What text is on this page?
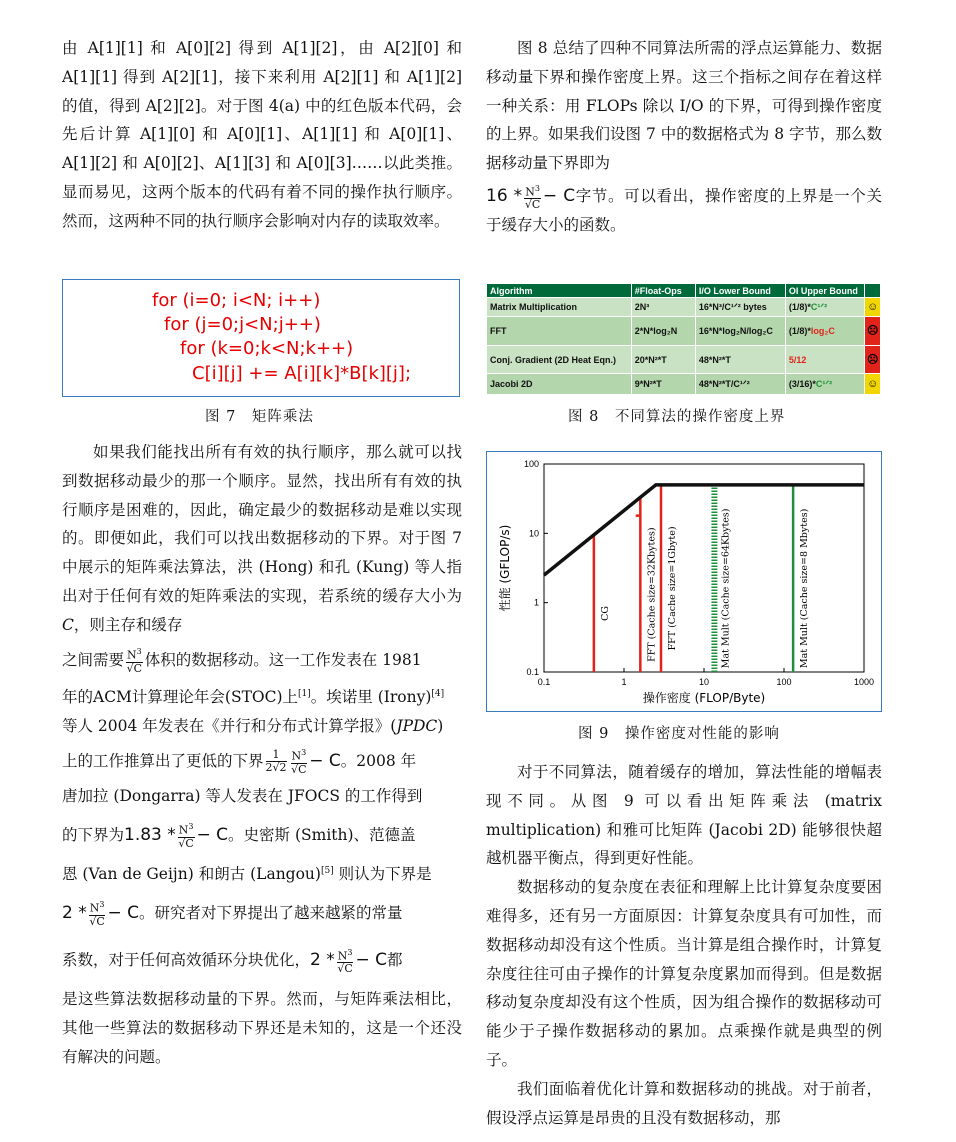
由 A[1][1] 和 A[0][2] 得到 A[1][2]，由 A[2][0] 和 A[1][1] 得到 A[2][1]，接下来利用 A[2][1] 和 A[1][2] 的值，得到 A[2][2]。对于图 4(a) 中的红色版本代码，会先后计算 A[1][0] 和 A[0][1]、A[1][1] 和 A[0][1]、A[1][2] 和 A[0][2]、A[1][3] 和 A[0][3]……以此类推。显而易见，这两个版本的代码有着不同的操作执行顺序。然而，这两种不同的执行顺序会影响对内存的读取效率。

for (i=0; i<N; i++)
for (j=0;j<N;j++)
for (k=0;k<N;k++)
C[i][j] += A[i][k]*B[k][j];
图 7　矩阵乘法

如果我们能找出所有有效的执行顺序，那么就可以找到数据移动最少的那一个顺序。显然，找出所有有效的执行顺序是困难的，因此，确定最少的数据移动是难以实现的。即便如此，我们可以找出数据移动的下界。对于图 7 中展示的矩阵乘法算法，洪 (Hong) 和孔 (Kung) 等人指出对于任何有效的矩阵乘法的实现，若系统的缓存大小为 C，则主存和缓存

之间需要 $\frac{N^3}{√C}$ 体积的数据移动。这一工作发表在 1981

年的ACM计算理论年会(STOC)上[1]。埃诺里 (Irony)[4]

等人 2004 年发表在《并行和分布式计算学报》(JPDC)

上的工作推算出了更低的下界 $\frac{1}{2√2} \frac{N^3}{√C} - C$。2008 年

唐加拉 (Dongarra) 等人发表在 JFOCS 的工作得到

的下界为$1.83 * \frac{N^3}{√C} - C$。史密斯 (Smith)、范德盖

恩 (Van de Geijn) 和朗古 (Langou)[5] 则认为下界是

$2 * \frac{N^3}{√C} - C$。研究者对下界提出了越来越紧的常量

系数，对于任何高效循环分块优化，$2 * \frac{N^3}{√C} - C$都

是这些算法数据移动量的下界。然而，与矩阵乘法相比，其他一些算法的数据移动下界还是未知的，这是一个还没有解决的问题。

图 8 总结了四种不同算法所需的浮点运算能力、数据移动量下界和操作密度上界。这三个指标之间存在着这样一种关系：用 FLOPs 除以 I/O 的下界，可得到操作密度的上界。如果我们设图 7 中的数据格式为 8 字节，那么数据移动量下界即为

$16 * \frac{N^3}{√C} - C$字节。可以看出，操作密度的上界是一个关于缓存大小的函数。

Algorithm	#Float-Ops	I/O Lower Bound	OI Upper Bound	
Matrix Multiplication	2N³	16*N³/C¹ᐟ² bytes	(1/8)*C¹ᐟ²	☺
FFT	2*N*log₂N	16*N*log₂N/log₂C	(1/8)*log₂C	☹
Conj. Gradient (2D Heat Eqn.)	20*N²*T	48*N²*T	5/12	☹
Jacobi 2D	9*N²*T	48*N²*T/C¹ᐟ²	(3/16)*C¹ᐟ²	☺
图 8　不同算法的操作密度上界
0.1	1	10	100	1000
0.1
1
10
100
操作密度 (FLOP/Byte)
性能 (GFLOP/s)
CG	FFT (Cache size=32Kbytes) FFT (Cache size=1Gbyte)	Mat Mult (Cache size=64Kbytes)	Mat Mult (Cache size=8 Mbytes)
图 9　操作密度对性能的影响

对于不同算法，随着缓存的增加，算法性能的增幅表现不同。从图 9 可以看出矩阵乘法 (matrix multiplication) 和雅可比矩阵 (Jacobi 2D) 能够很快超越机器平衡点，得到更好性能。

数据移动的复杂度在表征和理解上比计算复杂度要困难得多，还有另一方面原因：计算复杂度具有可加性，而数据移动却没有这个性质。当计算是组合操作时，计算复杂度往往可由子操作的计算复杂度累加而得到。但是数据移动复杂度却没有这个性质，因为组合操作的数据移动可能少于子操作数据移动的累加。点乘操作就是典型的例子。

我们面临着优化计算和数据移动的挑战。对于前者，假设浮点运算是昂贵的且没有数据移动，那
